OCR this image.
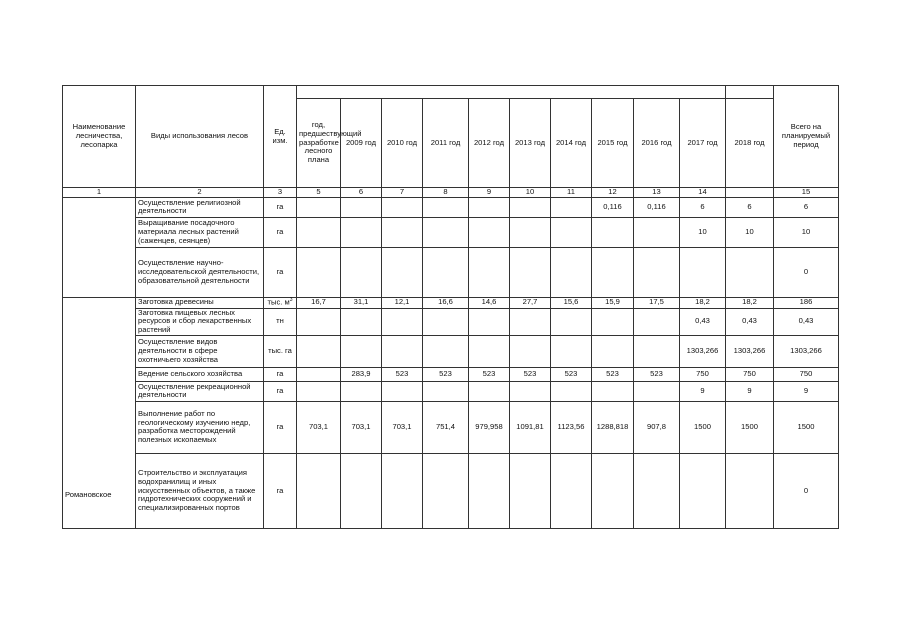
Наименование лесничества, лесопарка	Виды использования лесов	Ед. изм.												Всего на планируемый период
			год, предшествующий разработке лесного плана	2009 год	2010 год	2011 год	2012 год	2013 год	2014 год	2015 год	2016 год	2017 год	2018 год	
1	2	3	5	6	7	8	9	10	11	12	13	14		15
	Осуществление религиозной деятельности	га								0,116	0,116	6	6	6
	Выращивание посадочного материала лесных растений (саженцев, сеянцев)	га										10	10	10
	Осуществление научно-исследовательской деятельности, образовательной деятельности	га												0
Романовское	Заготовка древесины	тыс. $м^3$	16,7	31,1	12,1	16,6	14,6	27,7	15,6	15,9	17,5	18,2	18,2	186
	Заготовка пищевых лесных ресурсов и сбор лекарственных растений	тн										0,43	0,43	0,43
	Осуществление видов деятельности в сфере охотничьего хозяйства	тыс. га										1303,266	1303,266	1303,266
	Ведение сельского хозяйства	га		283,9	523	523	523	523	523	523	523	750	750	750
	Осуществление рекреационной деятельности	га										9	9	9
	Выполнение работ по геологическому изучению недр, разработка месторождений полезных ископаемых	га	703,1	703,1	703,1	751,4	979,958	1091,81	1123,56	1288,818	907,8	1500	1500	1500
	Строительство и эксплуатация водохранилищ и иных искусственных объектов, а также гидротехнических сооружений и специализированных портов	га												0
